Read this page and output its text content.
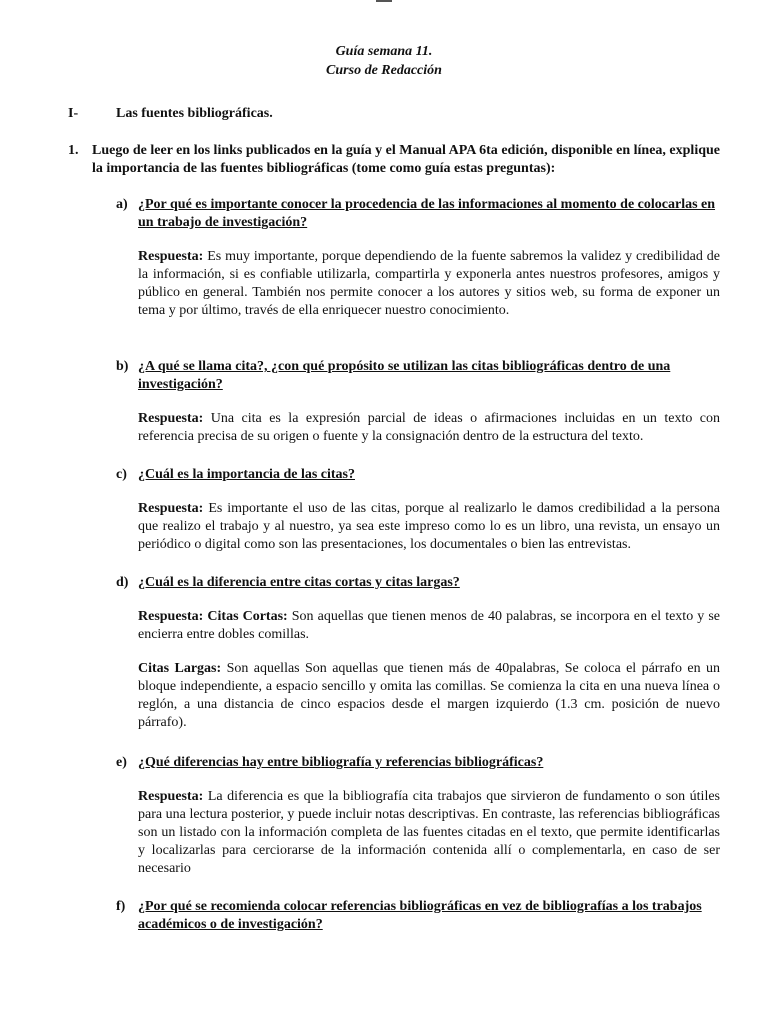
Guía semana 11.
Curso de Redacción
I-	Las fuentes bibliográficas.
1. Luego de leer en los links publicados en la guía y el Manual APA 6ta edición, disponible en línea, explique la importancia de las fuentes bibliográficas (tome como guía estas preguntas):
a) ¿Por qué es importante conocer la procedencia de las informaciones al momento de colocarlas en un trabajo de investigación?
Respuesta: Es muy importante, porque dependiendo de la fuente sabremos la validez y credibilidad de la información, si es confiable utilizarla, compartirla y exponerla antes nuestros profesores, amigos y público en general. También nos permite conocer a los autores y sitios web, su forma de exponer un tema y por último, través de ella enriquecer nuestro conocimiento.
b) ¿A qué se llama cita?, ¿con qué propósito se utilizan las citas bibliográficas dentro de una investigación?
Respuesta: Una cita es la expresión parcial de ideas o afirmaciones incluidas en un texto con referencia precisa de su origen o fuente y la consignación dentro de la estructura del texto.
c) ¿Cuál es la importancia de las citas?
Respuesta: Es importante el uso de las citas, porque al realizarlo le damos credibilidad a la persona que realizo el trabajo y al nuestro, ya sea este impreso como lo es un libro, una revista, un ensayo un periódico o digital como son las presentaciones, los documentales o bien las entrevistas.
d) ¿Cuál es la diferencia entre citas cortas y citas largas?
Respuesta: Citas Cortas: Son aquellas que tienen menos de 40 palabras, se incorpora en el texto y se encierra entre dobles comillas.
Citas Largas: Son aquellas Son aquellas que tienen más de 40palabras, Se coloca el párrafo en un bloque independiente, a espacio sencillo y omita las comillas. Se comienza la cita en una nueva línea o reglón, a una distancia de cinco espacios desde el margen izquierdo (1.3 cm. posición de nuevo párrafo).
e) ¿Qué diferencias hay entre bibliografía y referencias bibliográficas?
Respuesta: La diferencia es que la bibliografía cita trabajos que sirvieron de fundamento o son útiles para una lectura posterior, y puede incluir notas descriptivas. En contraste, las referencias bibliográficas son un listado con la información completa de las fuentes citadas en el texto, que permite identificarlas y localizarlas para cerciorarse de la información contenida allí o complementarla, en caso de ser necesario
f) ¿Por qué se recomienda colocar referencias bibliográficas en vez de bibliografías a los trabajos académicos o de investigación?
